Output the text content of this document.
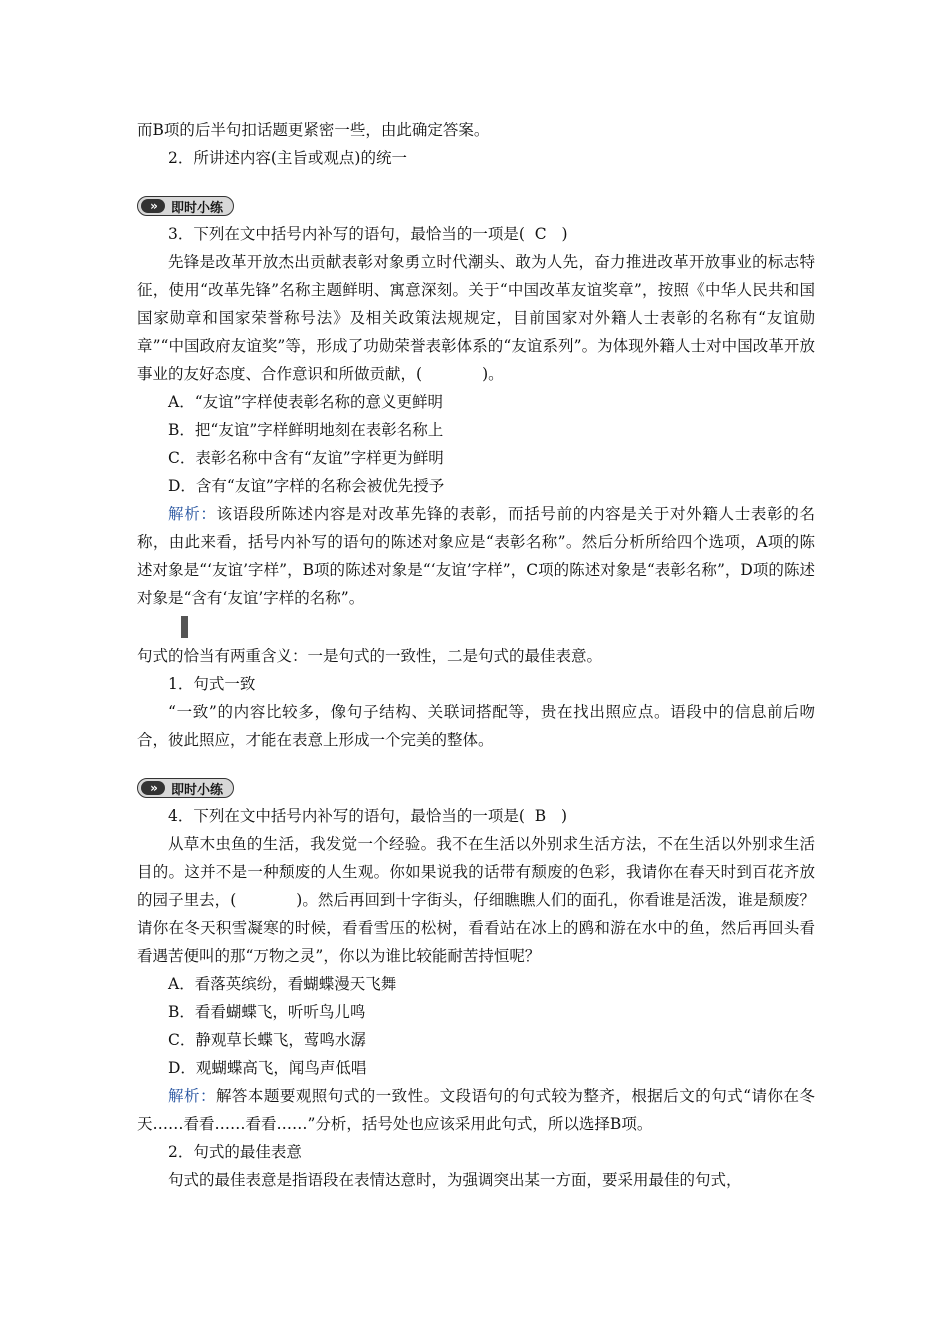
而B项的后半句扣话题更紧密一些，由此确定答案。

2．所讲述内容(主旨或观点)的统一

»	即时小练

3．下列在文中括号内补写的语句，最恰当的一项是( C )

先锋是改革开放杰出贡献表彰对象勇立时代潮头、敢为人先，奋力推进改革开放事业的标志特征，使用“改革先锋”名称主题鲜明、寓意深刻。关于“中国改革友谊奖章”，按照《中华人民共和国国家勋章和国家荣誉称号法》及相关政策法规规定，目前国家对外籍人士表彰的名称有“友谊勋章”“中国政府友谊奖”等，形成了功勋荣誉表彰体系的“友谊系列”。为体现外籍人士对中国改革开放事业的友好态度、合作意识和所做贡献，(	)。

A．“友谊”字样使表彰名称的意义更鲜明

B．把“友谊”字样鲜明地刻在表彰名称上

C．表彰名称中含有“友谊”字样更为鲜明

D．含有“友谊”字样的名称会被优先授予

解析：该语段所陈述内容是对改革先锋的表彰，而括号前的内容是关于对外籍人士表彰的名称，由此来看，括号内补写的语句的陈述对象应是“表彰名称”。然后分析所给四个选项，A项的陈述对象是“‘友谊’字样”，B项的陈述对象是“‘友谊’字样”，C项的陈述对象是“表彰名称”，D项的陈述对象是“含有‘友谊’字样的名称”。

句式的恰当有两重含义：一是句式的一致性，二是句式的最佳表意。

1．句式一致

“一致”的内容比较多，像句子结构、关联词搭配等，贵在找出照应点。语段中的信息前后吻合，彼此照应，才能在表意上形成一个完美的整体。

»	即时小练

4．下列在文中括号内补写的语句，最恰当的一项是( B )

从草木虫鱼的生活，我发觉一个经验。我不在生活以外别求生活方法，不在生活以外别求生活目的。这并不是一种颓废的人生观。你如果说我的话带有颓废的色彩，我请你在春天时到百花齐放的园子里去，(	)。然后再回到十字街头，仔细瞧瞧人们的面孔，你看谁是活泼，谁是颓废？请你在冬天积雪凝寒的时候，看看雪压的松树，看看站在冰上的鸥和游在水中的鱼，然后再回头看看遇苦便叫的那“万物之灵”，你以为谁比较能耐苦持恒呢？

A．看落英缤纷，看蝴蝶漫天飞舞

B．看看蝴蝶飞，听听鸟儿鸣

C．静观草长蝶飞，莺鸣水潺

D．观蝴蝶高飞，闻鸟声低唱

解析：解答本题要观照句式的一致性。文段语句的句式较为整齐，根据后文的句式“请你在冬天……看看……看看……”分析，括号处也应该采用此句式，所以选择B项。

2．句式的最佳表意

句式的最佳表意是指语段在表情达意时，为强调突出某一方面，要采用最佳的句式，
